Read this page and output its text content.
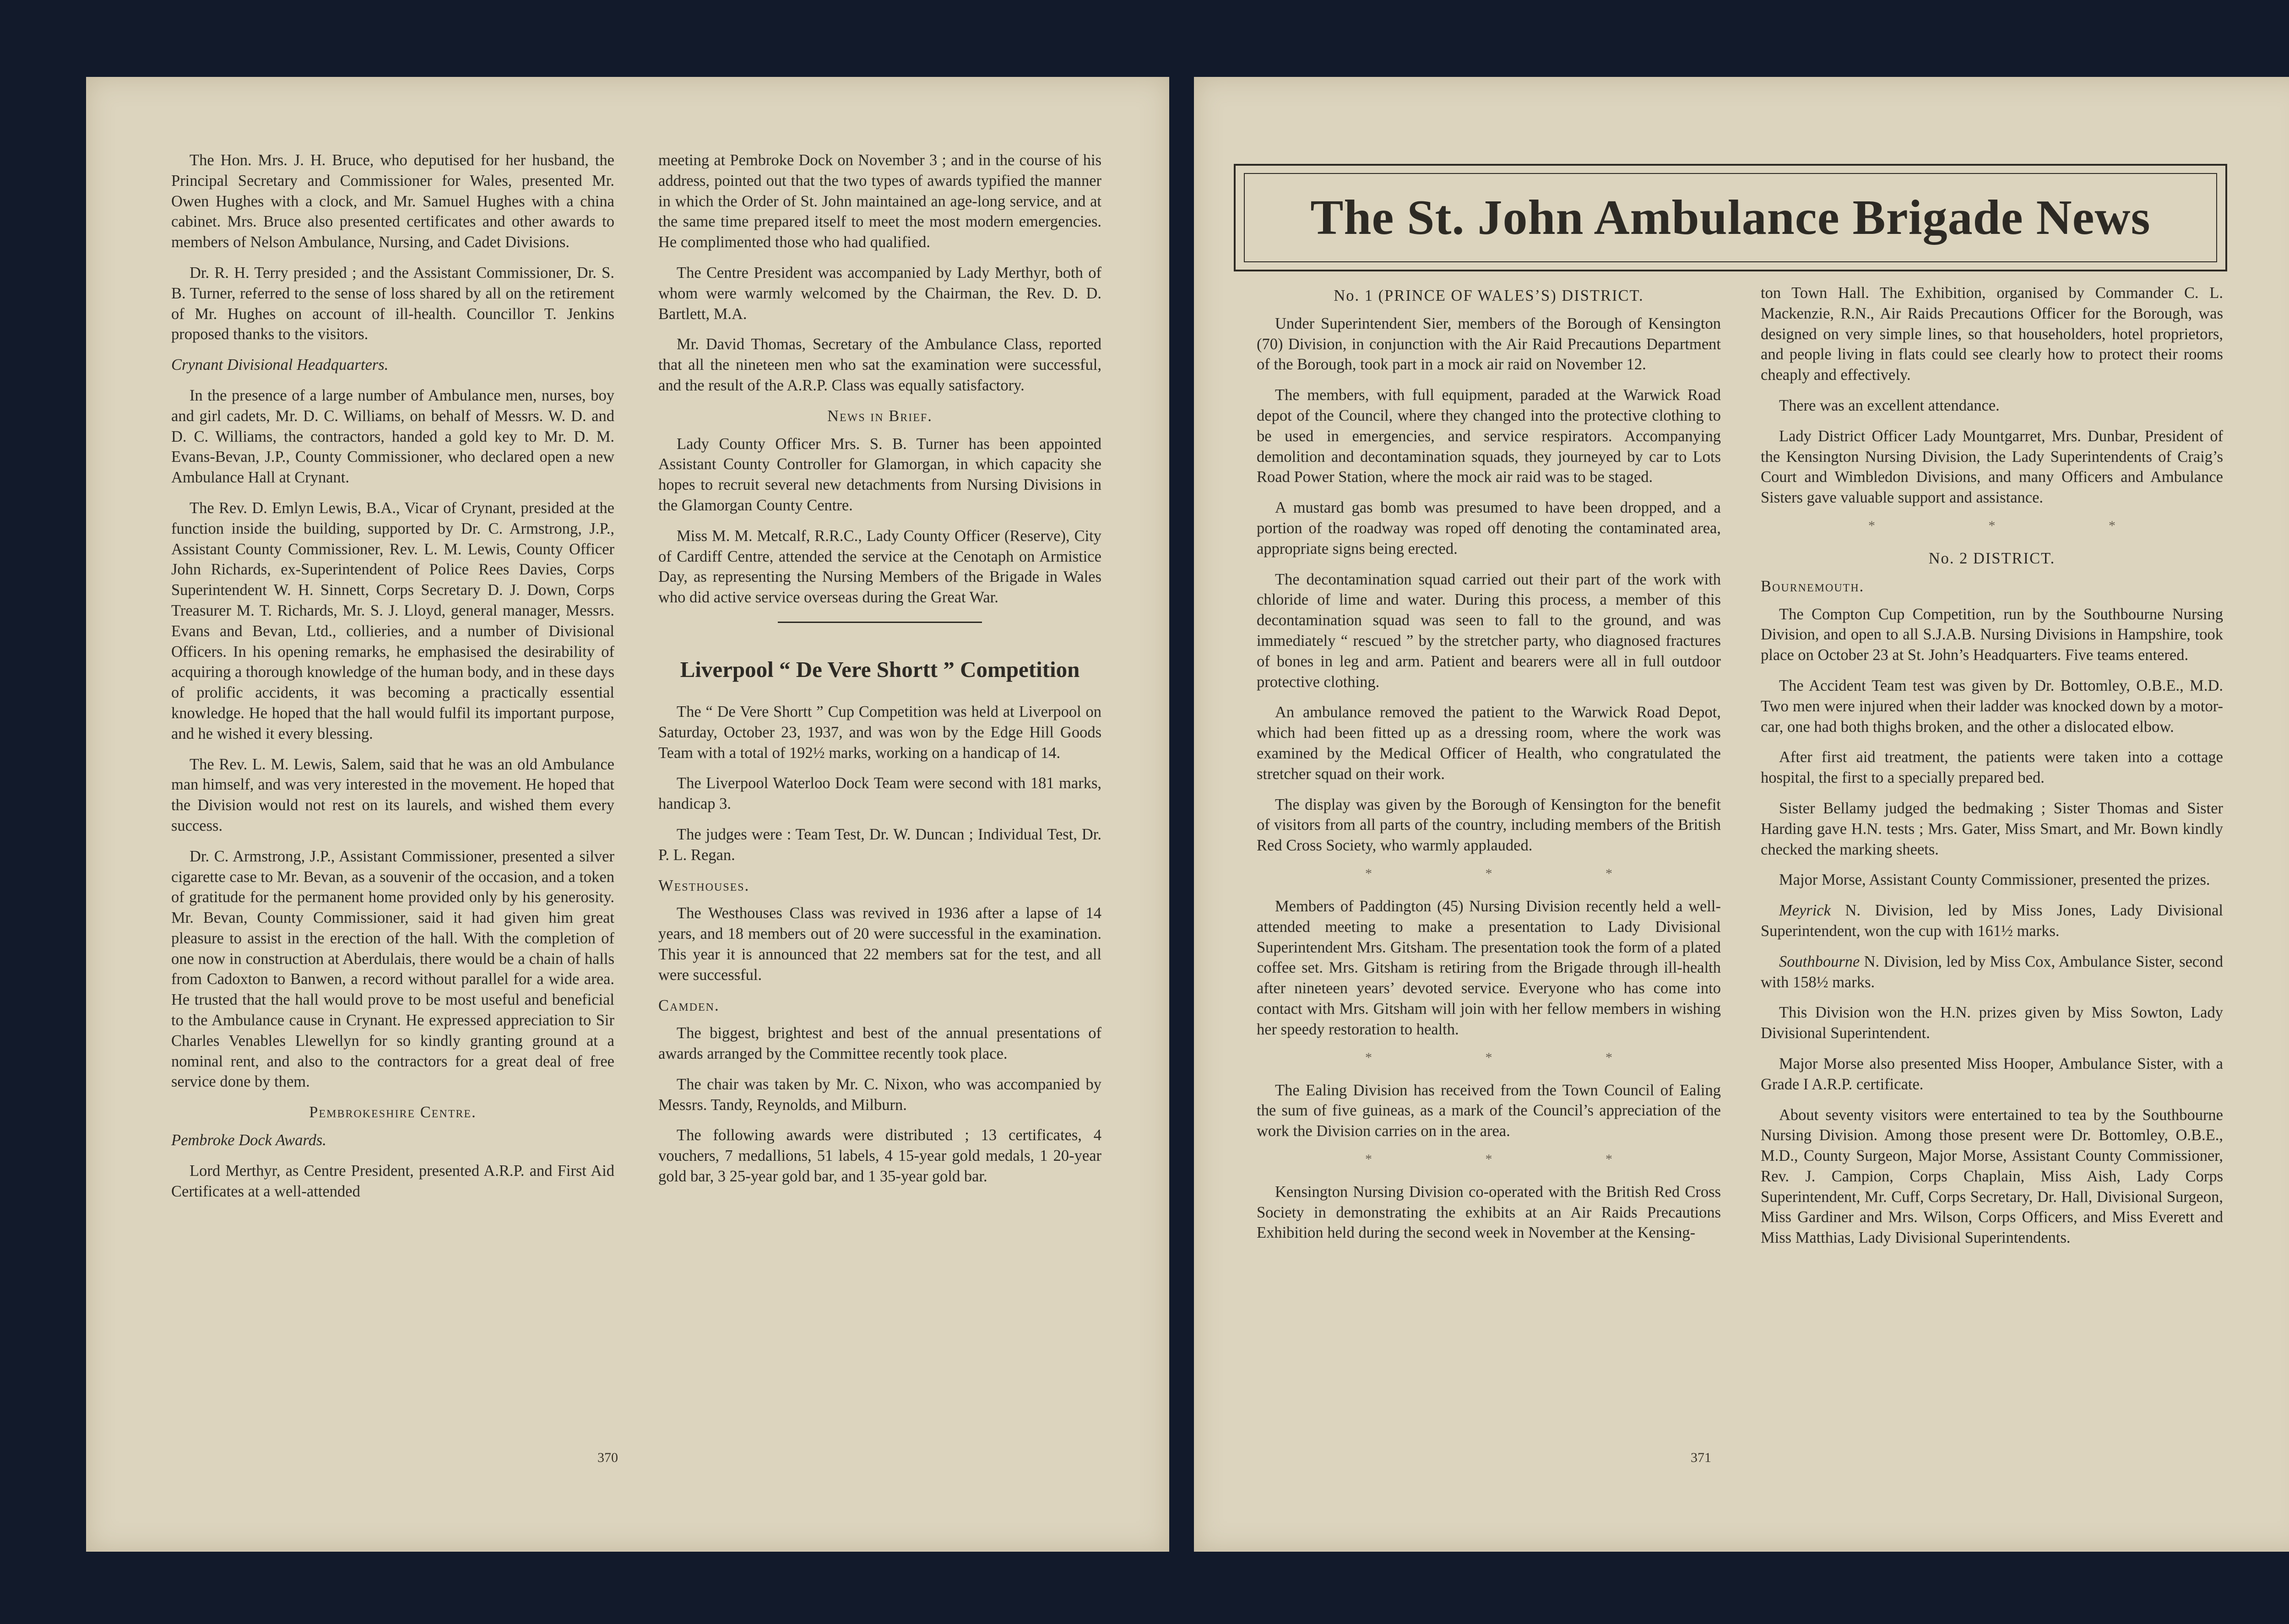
The Hon. Mrs. J. H. Bruce, who deputised for her husband, the Principal Secretary and Commissioner for Wales, presented Mr. Owen Hughes with a clock, and Mr. Samuel Hughes with a china cabinet. Mrs. Bruce also presented certificates and other awards to members of Nelson Ambulance, Nursing, and Cadet Divisions.

Dr. R. H. Terry presided ; and the Assistant Commissioner, Dr. S. B. Turner, referred to the sense of loss shared by all on the retirement of Mr. Hughes on account of ill-health. Councillor T. Jenkins proposed thanks to the visitors.

Crynant Divisional Headquarters.

In the presence of a large number of Ambulance men, nurses, boy and girl cadets, Mr. D. C. Williams, on behalf of Messrs. W. D. and D. C. Williams, the contractors, handed a gold key to Mr. D. M. Evans-Bevan, J.P., County Commissioner, who declared open a new Ambulance Hall at Crynant.

The Rev. D. Emlyn Lewis, B.A., Vicar of Crynant, presided at the function inside the building, supported by Dr. C. Armstrong, J.P., Assistant County Commissioner, Rev. L. M. Lewis, County Officer John Richards, ex-Superintendent of Police Rees Davies, Corps Superintendent W. H. Sinnett, Corps Secretary D. J. Down, Corps Treasurer M. T. Richards, Mr. S. J. Lloyd, general manager, Messrs. Evans and Bevan, Ltd., collieries, and a number of Divisional Officers. In his opening remarks, he emphasised the desirability of acquiring a thorough knowledge of the human body, and in these days of prolific accidents, it was becoming a practically essential knowledge. He hoped that the hall would fulfil its important purpose, and he wished it every blessing.

The Rev. L. M. Lewis, Salem, said that he was an old Ambulance man himself, and was very interested in the movement. He hoped that the Division would not rest on its laurels, and wished them every success.

Dr. C. Armstrong, J.P., Assistant Commissioner, presented a silver cigarette case to Mr. Bevan, as a souvenir of the occasion, and a token of gratitude for the permanent home provided only by his generosity. Mr. Bevan, County Commissioner, said it had given him great pleasure to assist in the erection of the hall. With the completion of one now in construction at Aberdulais, there would be a chain of halls from Cadoxton to Banwen, a record without parallel for a wide area. He trusted that the hall would prove to be most useful and beneficial to the Ambulance cause in Crynant. He expressed appreciation to Sir Charles Venables Llewellyn for so kindly granting ground at a nominal rent, and also to the contractors for a great deal of free service done by them.

Pembrokeshire Centre.
Pembroke Dock Awards.

Lord Merthyr, as Centre President, presented A.R.P. and First Aid Certificates at a well-attended

meeting at Pembroke Dock on November 3 ; and in the course of his address, pointed out that the two types of awards typified the manner in which the Order of St. John maintained an age-long service, and at the same time prepared itself to meet the most modern emergencies. He complimented those who had qualified.

The Centre President was accompanied by Lady Merthyr, both of whom were warmly welcomed by the Chairman, the Rev. D. D. Bartlett, M.A.

Mr. David Thomas, Secretary of the Ambulance Class, reported that all the nineteen men who sat the examination were successful, and the result of the A.R.P. Class was equally satisfactory.

News in Brief.

Lady County Officer Mrs. S. B. Turner has been appointed Assistant County Controller for Glamorgan, in which capacity she hopes to recruit several new detachments from Nursing Divisions in the Glamorgan County Centre.

Miss M. M. Metcalf, R.R.C., Lady County Officer (Reserve), City of Cardiff Centre, attended the service at the Cenotaph on Armistice Day, as representing the Nursing Members of the Brigade in Wales who did active service overseas during the Great War.

Liverpool “ De Vere Shortt ” Competition

The “ De Vere Shortt ” Cup Competition was held at Liverpool on Saturday, October 23, 1937, and was won by the Edge Hill Goods Team with a total of 192½ marks, working on a handicap of 14.

The Liverpool Waterloo Dock Team were second with 181 marks, handicap 3.

The judges were : Team Test, Dr. W. Duncan ; Individual Test, Dr. P. L. Regan.

Westhouses.

The Westhouses Class was revived in 1936 after a lapse of 14 years, and 18 members out of 20 were successful in the examination. This year it is announced that 22 members sat for the test, and all were successful.

Camden.

The biggest, brightest and best of the annual presentations of awards arranged by the Committee recently took place.

The chair was taken by Mr. C. Nixon, who was accompanied by Messrs. Tandy, Reynolds, and Milburn.

The following awards were distributed ; 13 certificates, 4 vouchers, 7 medallions, 51 labels, 4 15-year gold medals, 1 20-year gold bar, 3 25-year gold bar, and 1 35-year gold bar.

370
The St. John Ambulance Brigade News
No. 1 (PRINCE OF WALES’S) DISTRICT.

Under Superintendent Sier, members of the Borough of Kensington (70) Division, in conjunction with the Air Raid Precautions Department of the Borough, took part in a mock air raid on November 12.

The members, with full equipment, paraded at the Warwick Road depot of the Council, where they changed into the protective clothing to be used in emergencies, and service respirators. Accompanying demolition and decontamination squads, they journeyed by car to Lots Road Power Station, where the mock air raid was to be staged.

A mustard gas bomb was presumed to have been dropped, and a portion of the roadway was roped off denoting the contaminated area, appropriate signs being erected.

The decontamination squad carried out their part of the work with chloride of lime and water. During this process, a member of this decontamination squad was seen to fall to the ground, and was immediately “ rescued ” by the stretcher party, who diagnosed fractures of bones in leg and arm. Patient and bearers were all in full outdoor protective clothing.

An ambulance removed the patient to the Warwick Road Depot, which had been fitted up as a dressing room, where the work was examined by the Medical Officer of Health, who congratulated the stretcher squad on their work.

The display was given by the Borough of Kensington for the benefit of visitors from all parts of the country, including members of the British Red Cross Society, who warmly applauded.

* * *

Members of Paddington (45) Nursing Division recently held a well-attended meeting to make a presentation to Lady Divisional Superintendent Mrs. Gitsham. The presentation took the form of a plated coffee set. Mrs. Gitsham is retiring from the Brigade through ill-health after nineteen years’ devoted service. Everyone who has come into contact with Mrs. Gitsham will join with her fellow members in wishing her speedy restoration to health.

* * *

The Ealing Division has received from the Town Council of Ealing the sum of five guineas, as a mark of the Council’s appreciation of the work the Division carries on in the area.

* * *

Kensington Nursing Division co-operated with the British Red Cross Society in demonstrating the exhibits at an Air Raids Precautions Exhibition held during the second week in November at the Kensing-

ton Town Hall. The Exhibition, organised by Commander C. L. Mackenzie, R.N., Air Raids Precautions Officer for the Borough, was designed on very simple lines, so that householders, hotel proprietors, and people living in flats could see clearly how to protect their rooms cheaply and effectively.

There was an excellent attendance.

Lady District Officer Lady Mountgarret, Mrs. Dunbar, President of the Kensington Nursing Division, the Lady Superintendents of Craig’s Court and Wimbledon Divisions, and many Officers and Ambulance Sisters gave valuable support and assistance.

* * *
No. 2 DISTRICT.
Bournemouth.

The Compton Cup Competition, run by the Southbourne Nursing Division, and open to all S.J.A.B. Nursing Divisions in Hampshire, took place on October 23 at St. John’s Headquarters. Five teams entered.

The Accident Team test was given by Dr. Bottomley, O.B.E., M.D. Two men were injured when their ladder was knocked down by a motor-car, one had both thighs broken, and the other a dislocated elbow.

After first aid treatment, the patients were taken into a cottage hospital, the first to a specially prepared bed.

Sister Bellamy judged the bedmaking ; Sister Thomas and Sister Harding gave H.N. tests ; Mrs. Gater, Miss Smart, and Mr. Bown kindly checked the marking sheets.

Major Morse, Assistant County Commissioner, presented the prizes.

Meyrick N. Division, led by Miss Jones, Lady Divisional Superintendent, won the cup with 161½ marks.

Southbourne N. Division, led by Miss Cox, Ambulance Sister, second with 158½ marks.

This Division won the H.N. prizes given by Miss Sowton, Lady Divisional Superintendent.

Major Morse also presented Miss Hooper, Ambulance Sister, with a Grade I A.R.P. certificate.

About seventy visitors were entertained to tea by the Southbourne Nursing Division. Among those present were Dr. Bottomley, O.B.E., M.D., County Surgeon, Major Morse, Assistant County Commissioner, Rev. J. Campion, Corps Chaplain, Miss Aish, Lady Corps Superintendent, Mr. Cuff, Corps Secretary, Dr. Hall, Divisional Surgeon, Miss Gardiner and Mrs. Wilson, Corps Officers, and Miss Everett and Miss Matthias, Lady Divisional Superintendents.

371
